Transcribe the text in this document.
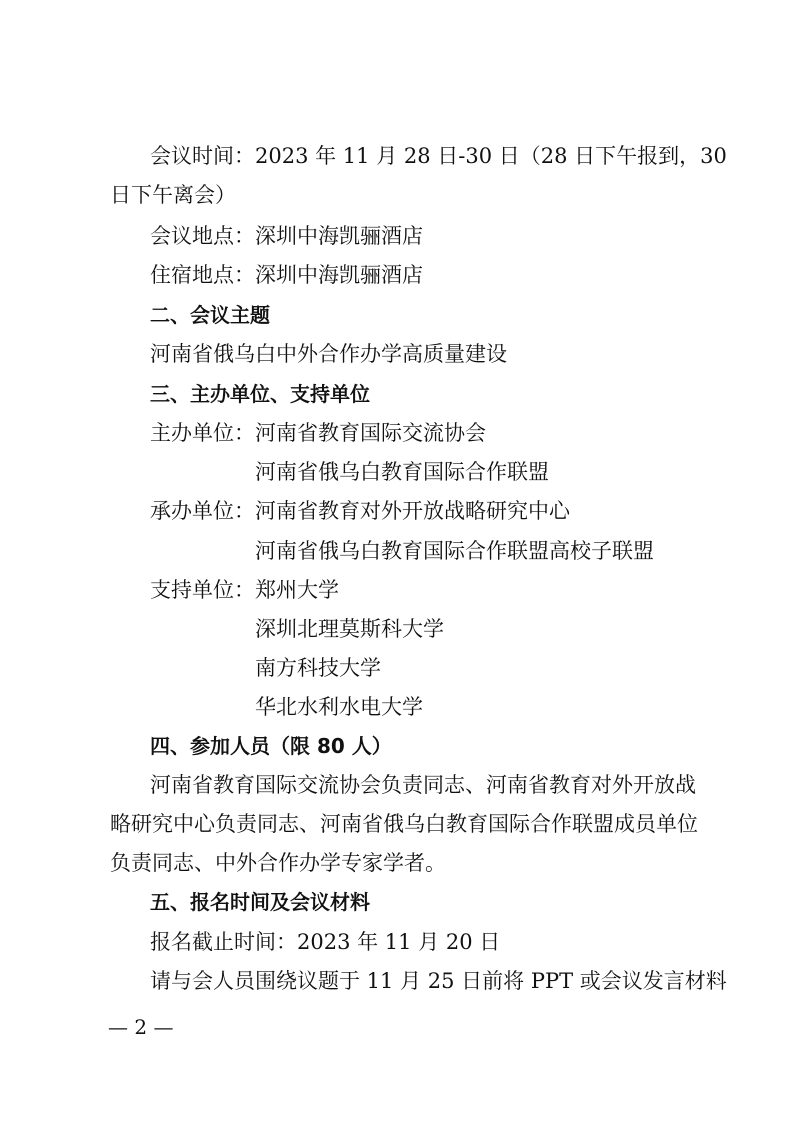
会议时间：2023 年 11 月 28 日-30 日（28 日下午报到，30
日下午离会）
会议地点：深圳中海凯骊酒店
住宿地点：深圳中海凯骊酒店
二、会议主题
河南省俄乌白中外合作办学高质量建设
三、主办单位、支持单位
主办单位： 河南省教育国际交流协会
河南省俄乌白教育国际合作联盟
承办单位： 河南省教育对外开放战略研究中心
河南省俄乌白教育国际合作联盟高校子联盟
支持单位： 郑州大学
深圳北理莫斯科大学
南方科技大学
华北水利水电大学
四、参加人员（限 80 人）
河南省教育国际交流协会负责同志、河南省教育对外开放战
略研究中心负责同志、河南省俄乌白教育国际合作联盟成员单位
负责同志、中外合作办学专家学者。
五、报名时间及会议材料
报名截止时间：2023 年 11 月 20 日
请与会人员围绕议题于 11 月 25 日前将 PPT 或会议发言材料
— 2 —
